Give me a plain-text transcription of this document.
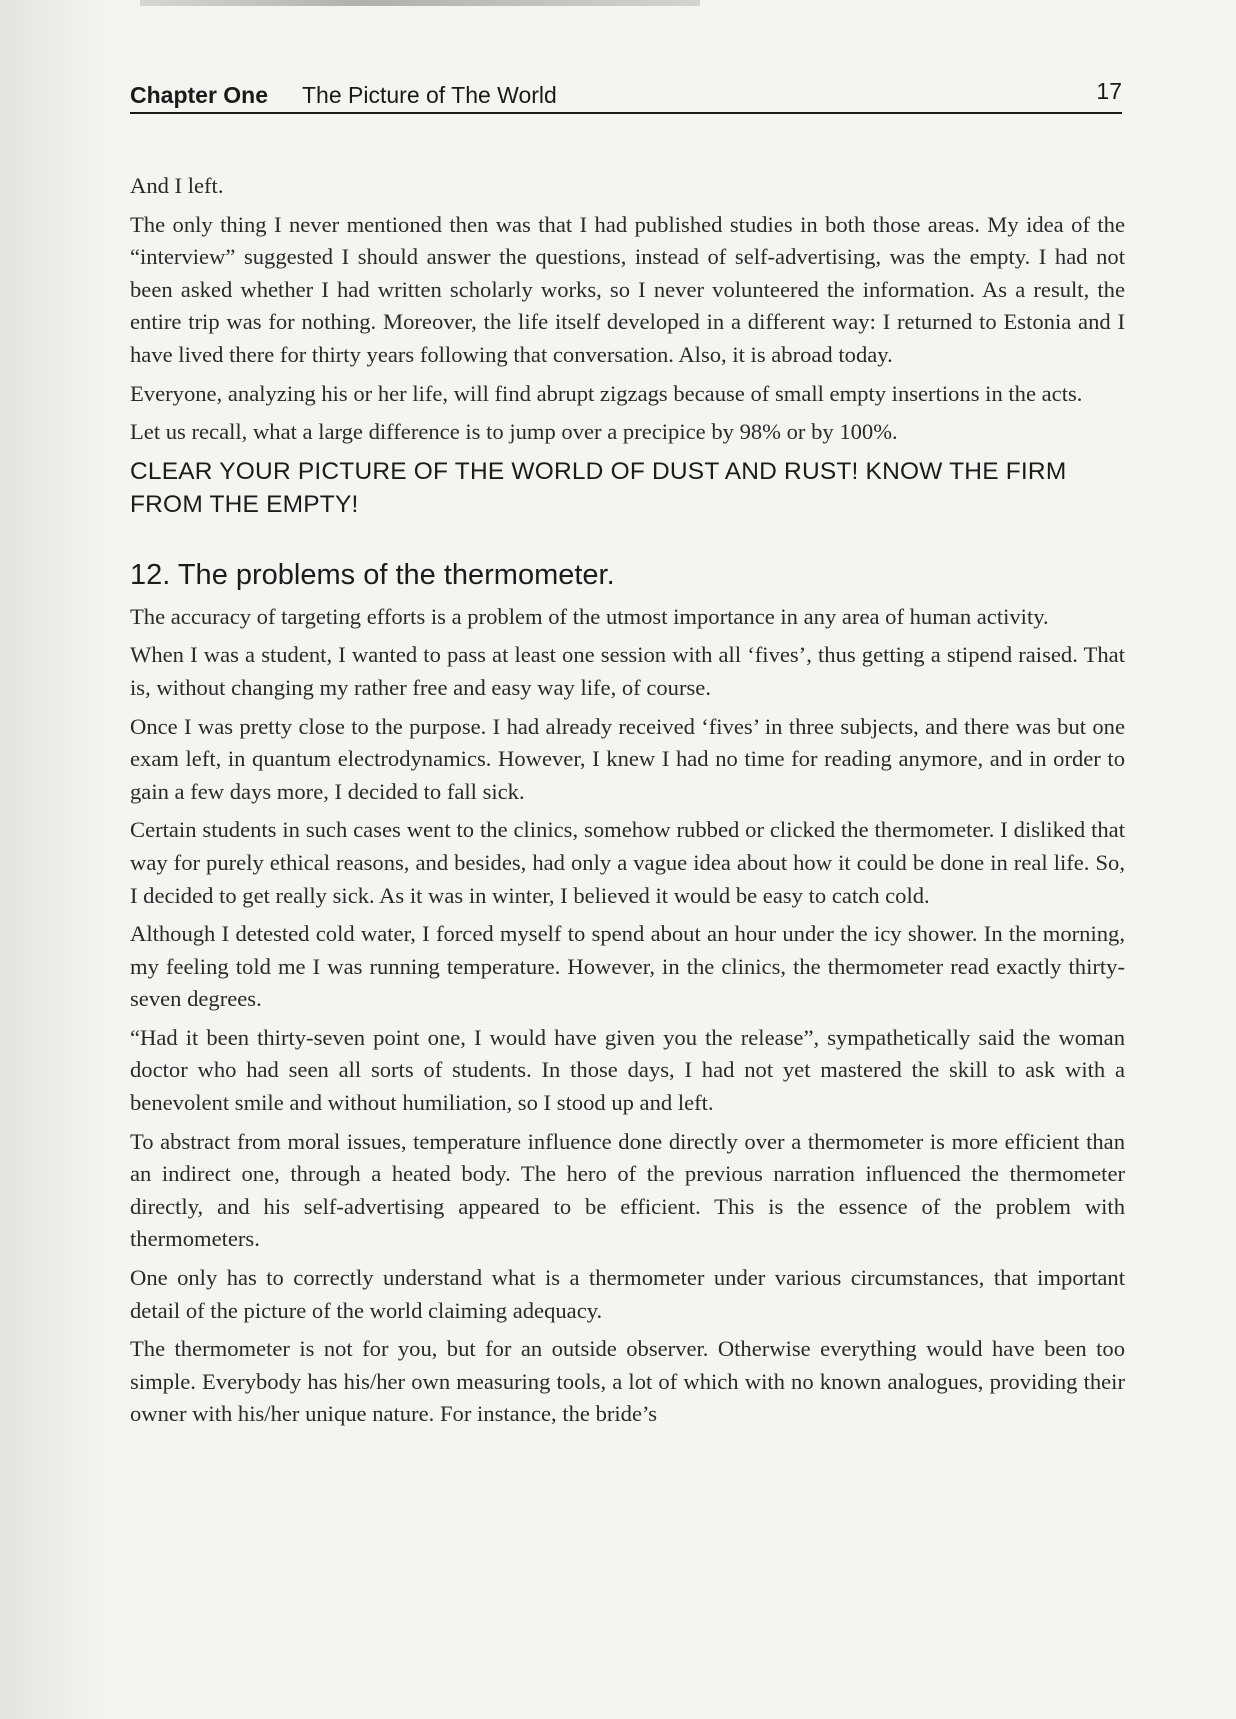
Chapter One The Picture of The World	17

And I left.

The only thing I never mentioned then was that I had published studies in both those areas. My idea of the “interview” suggested I should answer the questions, instead of self-advertising, was the empty. I had not been asked whether I had written scholarly works, so I never volunteered the information. As a result, the entire trip was for nothing. Moreover, the life itself developed in a different way: I returned to Estonia and I have lived there for thirty years following that conversation. Also, it is abroad today.

Everyone, analyzing his or her life, will find abrupt zigzags because of small empty insertions in the acts.

Let us recall, what a large difference is to jump over a precipice by 98% or by 100%.

CLEAR YOUR PICTURE OF THE WORLD OF DUST AND RUST! KNOW THE FIRM FROM THE EMPTY!

12. The problems of the thermometer.

The accuracy of targeting efforts is a problem of the utmost importance in any area of human activity.

When I was a student, I wanted to pass at least one session with all ‘fives’, thus getting a stipend raised. That is, without changing my rather free and easy way life, of course.

Once I was pretty close to the purpose. I had already received ‘fives’ in three subjects, and there was but one exam left, in quantum electrodynamics. However, I knew I had no time for reading anymore, and in order to gain a few days more, I decided to fall sick.

Certain students in such cases went to the clinics, somehow rubbed or clicked the thermometer. I disliked that way for purely ethical reasons, and besides, had only a vague idea about how it could be done in real life. So, I decided to get really sick. As it was in winter, I believed it would be easy to catch cold.

Although I detested cold water, I forced myself to spend about an hour under the icy shower. In the morning, my feeling told me I was running temperature. However, in the clinics, the thermometer read exactly thirty-seven degrees.

“Had it been thirty-seven point one, I would have given you the release”, sympathetically said the woman doctor who had seen all sorts of students. In those days, I had not yet mastered the skill to ask with a benevolent smile and without humiliation, so I stood up and left.

To abstract from moral issues, temperature influence done directly over a thermometer is more efficient than an indirect one, through a heated body. The hero of the previous narration influenced the thermometer directly, and his self-advertising appeared to be efficient. This is the essence of the problem with thermometers.

One only has to correctly understand what is a thermometer under various circumstances, that important detail of the picture of the world claiming adequacy.

The thermometer is not for you, but for an outside observer. Otherwise everything would have been too simple. Everybody has his/her own measuring tools, a lot of which with no known analogues, providing their owner with his/her unique nature. For instance, the bride’s
